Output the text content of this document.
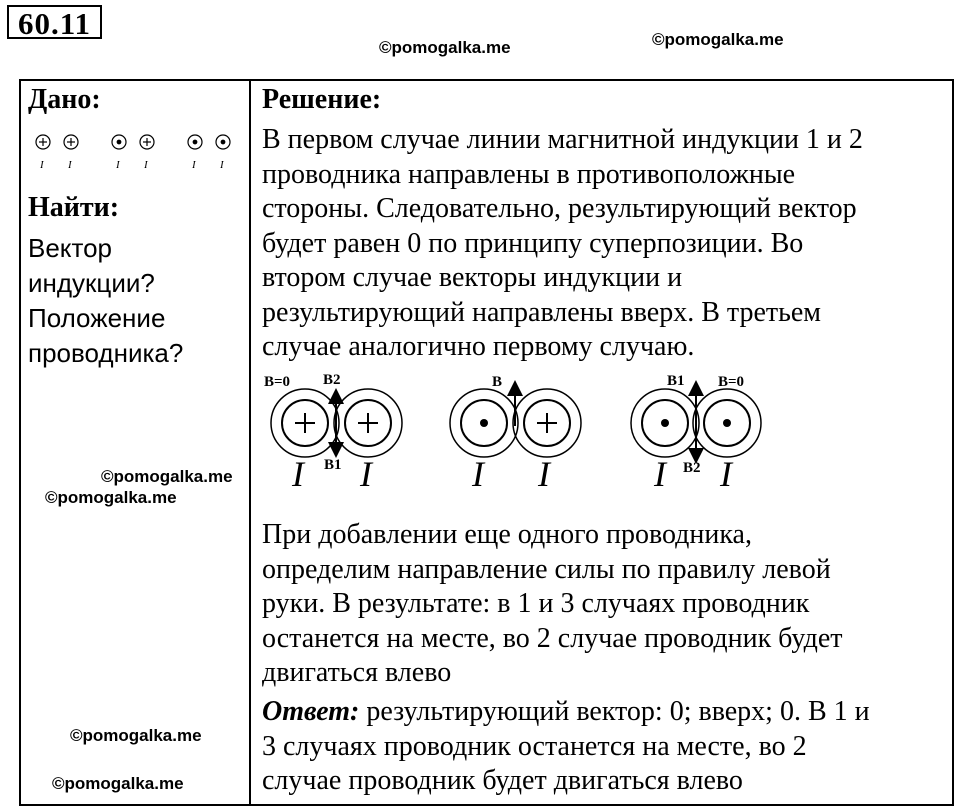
60.11
©pomogalka.me	©pomogalka.me
Дано:
I I	I I	I I
Найти:
Вектор
индукции?
Положение
проводника?
©pomogalka.me
©pomogalka.me
©pomogalka.me
©pomogalka.me
Решение:
В первом случае линии магнитной индукции 1 и 2
проводника направлены в противоположные
стороны. Следовательно, результирующий вектор
будет равен 0 по принципу суперпозиции. Во
втором случае векторы индукции и
результирующий направлены вверх. В третьем
случае аналогично первому случаю.
B=0 B2
B1
I I
B
I I
B1 B=0
B2
I I
При добавлении еще одного проводника,
определим направление силы по правилу левой
руки. В результате: в 1 и 3 случаях проводник
останется на месте, во 2 случае проводник будет
двигаться влево
Ответ: результирующий вектор: 0; вверх; 0. В 1 и
3 случаях проводник останется на месте, во 2
случае проводник будет двигаться влево
